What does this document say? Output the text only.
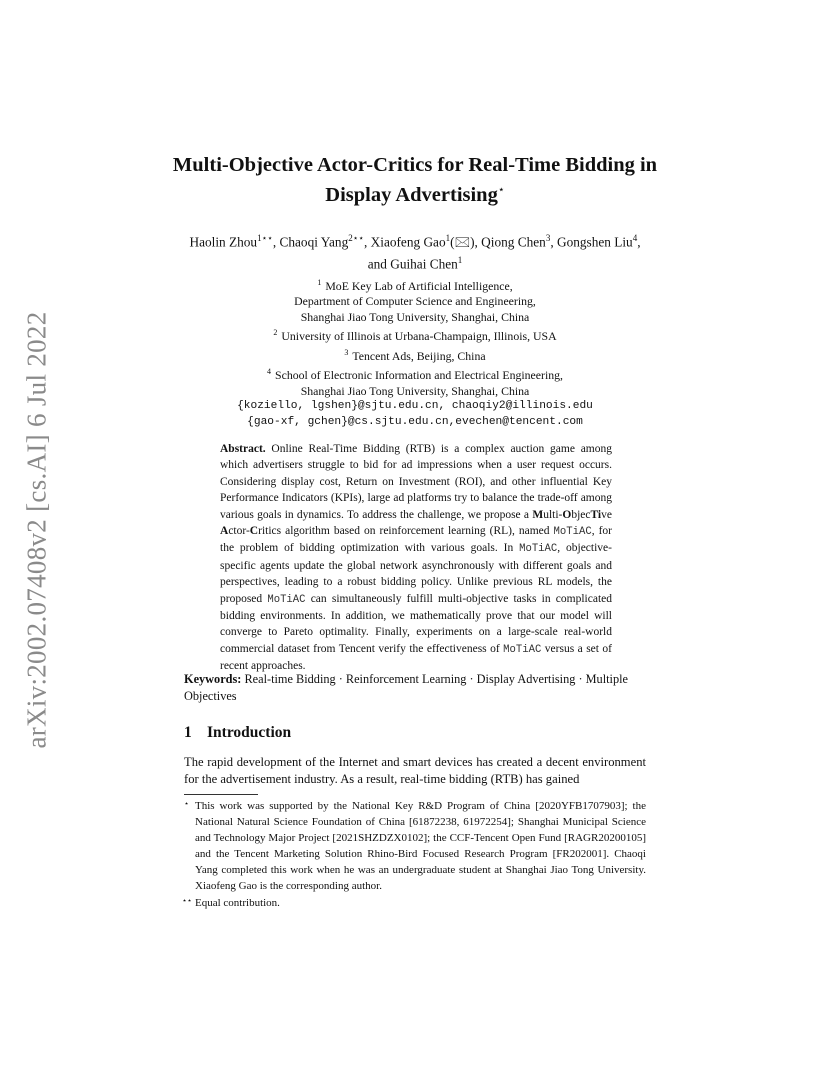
arXiv:2002.07408v2 [cs.AI] 6 Jul 2022
Multi-Objective Actor-Critics for Real-Time Bidding in
Display Advertising⋆
Haolin Zhou$^{1⋆⋆}$, Chaoqi Yang$^{2⋆⋆}$, Xiaofeng Gao$^1$(🖂), Qiong Chen$^3$, Gongshen Liu$^4$,
and Guihai Chen$^1$
$^1$ MoE Key Lab of Artificial Intelligence,
Department of Computer Science and Engineering,
Shanghai Jiao Tong University, Shanghai, China
$^2$ University of Illinois at Urbana-Champaign, Illinois, USA
$^3$ Tencent Ads, Beijing, China
$^4$ School of Electronic Information and Electrical Engineering,
Shanghai Jiao Tong University, Shanghai, China
{koziello, lgshen}@sjtu.edu.cn, chaoqiy2@illinois.edu
{gao-xf, gchen}@cs.sjtu.edu.cn,evechen@tencent.com

Abstract. Online Real-Time Bidding (RTB) is a complex auction game among which advertisers struggle to bid for ad impressions when a user request occurs. Considering display cost, Return on Investment (ROI), and other influential Key Performance Indicators (KPIs), large ad platforms try to balance the trade-off among various goals in dynamics. To address the challenge, we propose a Multi-ObjecTive Actor-Critics algorithm based on reinforcement learning (RL), named MoTiAC, for the problem of bidding optimization with various goals. In MoTiAC, objective-specific agents update the global network asynchronously with different goals and perspectives, leading to a robust bidding policy. Unlike previous RL models, the proposed MoTiAC can simultaneously fulfill multi-objective tasks in complicated bidding environments. In addition, we mathematically prove that our model will converge to Pareto optimality. Finally, experiments on a large-scale real-world commercial dataset from Tencent verify the effectiveness of MoTiAC versus a set of recent approaches.

Keywords: Real-time Bidding · Reinforcement Learning · Display Advertising · Multiple Objectives

1 Introduction

The rapid development of the Internet and smart devices has created a decent environment for the advertisement industry. As a result, real-time bidding (RTB) has gained

⋆ This work was supported by the National Key R&D Program of China [2020YFB1707903]; the National Natural Science Foundation of China [61872238, 61972254]; Shanghai Municipal Science and Technology Major Project [2021SHZDZX0102]; the CCF-Tencent Open Fund [RAGR20200105] and the Tencent Marketing Solution Rhino-Bird Focused Research Program [FR202001]. Chaoqi Yang completed this work when he was an undergraduate student at Shanghai Jiao Tong University. Xiaofeng Gao is the corresponding author.

⋆⋆ Equal contribution.
